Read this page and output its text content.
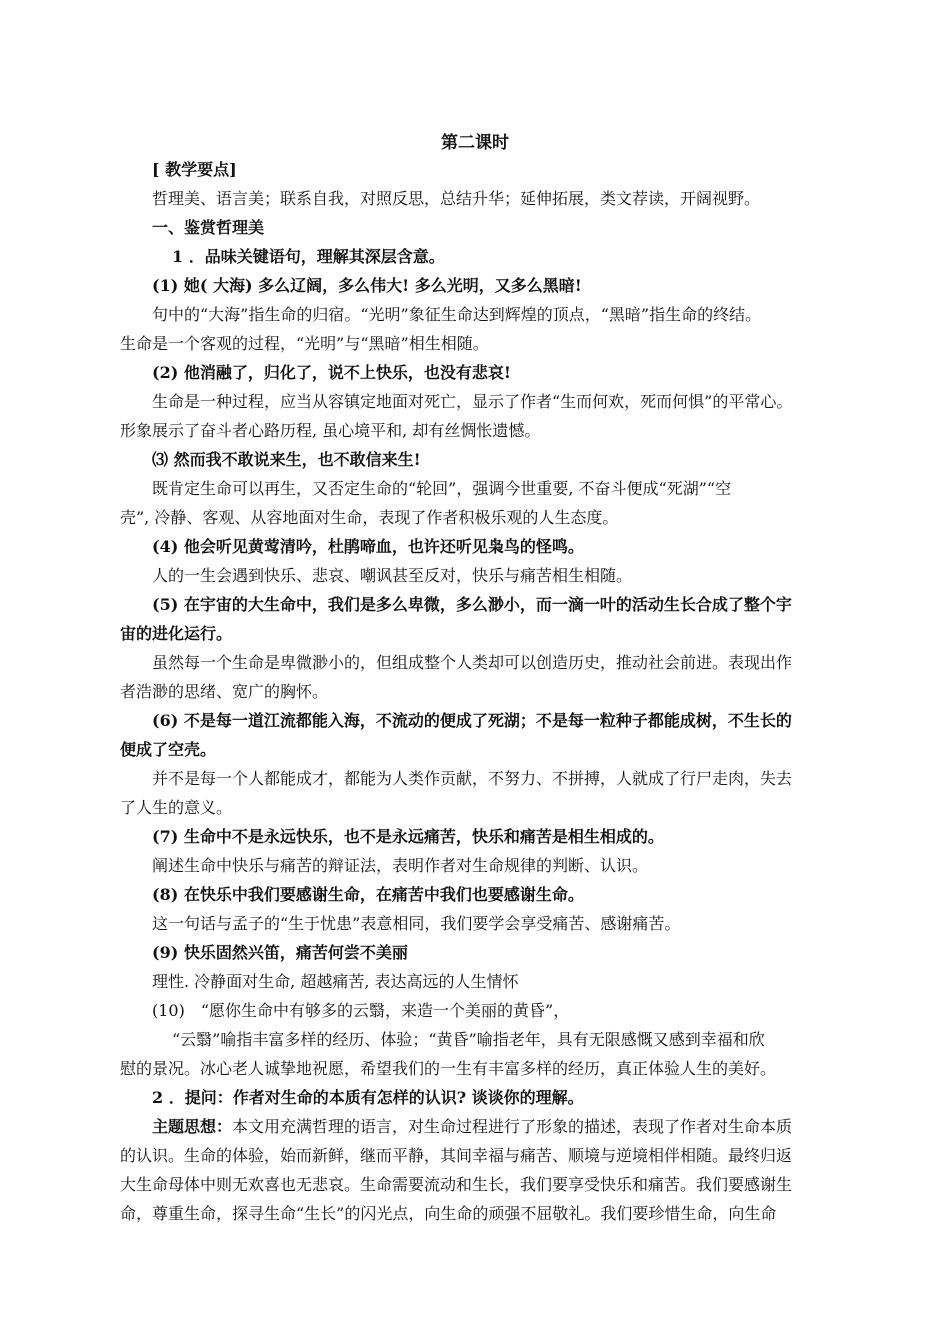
第二课时
[ 教学要点]
哲理美、语言美；联系自我，对照反思，总结升华；延伸拓展，类文荐读，开阔视野。
一、鉴赏哲理美
1 ．品味关键语句，理解其深层含意。
(1) 她( 大海) 多么辽阔，多么伟大! 多么光明，又多么黑暗!
句中的“大海”指生命的归宿。“光明”象征生命达到辉煌的顶点，“黑暗”指生命的终结。
生命是一个客观的过程，“光明”与“黑暗”相生相随。
(2) 他消融了，归化了，说不上快乐，也没有悲哀!
生命是一种过程，应当从容镇定地面对死亡，显示了作者“生而何欢，死而何惧”的平常心。
形象展示了奋斗者心路历程, 虽心境平和, 却有丝惆怅遗憾。
⑶ 然而我不敢说来生，也不敢信来生!
既肯定生命可以再生，又否定生命的“轮回”，强调今世重要, 不奋斗便成“死湖”“空
壳”, 冷静、客观、从容地面对生命，表现了作者积极乐观的人生态度。
(4) 他会听见黄莺清吟，杜鹃啼血，也许还听见枭鸟的怪鸣。
人的一生会遇到快乐、悲哀、嘲讽甚至反对，快乐与痛苦相生相随。
(5) 在宇宙的大生命中，我们是多么卑微，多么渺小，而一滴一叶的活动生长合成了整个宇
宙的进化运行。
虽然每一个生命是卑微渺小的，但组成整个人类却可以创造历史，推动社会前进。表现出作
者浩渺的思绪、宽广的胸怀。
(6) 不是每一道江流都能入海，不流动的便成了死湖；不是每一粒种子都能成树，不生长的
便成了空壳。
并不是每一个人都能成才，都能为人类作贡献，不努力、不拼搏，人就成了行尸走肉，失去
了人生的意义。
(7) 生命中不是永远快乐，也不是永远痛苦，快乐和痛苦是相生相成的。
阐述生命中快乐与痛苦的辩证法，表明作者对生命规律的判断、认识。
(8) 在快乐中我们要感谢生命，在痛苦中我们也要感谢生命。
这一句话与孟子的“生于忧患”表意相同，我们要学会享受痛苦、感谢痛苦。
(9) 快乐固然兴笛，痛苦何尝不美丽
理性. 冷静面对生命, 超越痛苦, 表达高远的人生情怀
(10)　“愿你生命中有够多的云翳，来造一个美丽的黄昏”，
“云翳”喻指丰富多样的经历、体验；“黄昏”喻指老年，具有无限感慨又感到幸福和欣
慰的景况。冰心老人诚挚地祝愿，希望我们的一生有丰富多样的经历，真正体验人生的美好。
2 ．提问：作者对生命的本质有怎样的认识? 谈谈你的理解。
主题思想：本文用充满哲理的语言，对生命过程进行了形象的描述，表现了作者对生命本质
的认识。生命的体验，始而新鲜，继而平静，其间幸福与痛苦、顺境与逆境相伴相随。最终归返
大生命母体中则无欢喜也无悲哀。生命需要流动和生长，我们要享受快乐和痛苦。我们要感谢生
命，尊重生命，探寻生命“生长”的闪光点，向生命的顽强不屈敬礼。我们要珍惜生命，向生命
